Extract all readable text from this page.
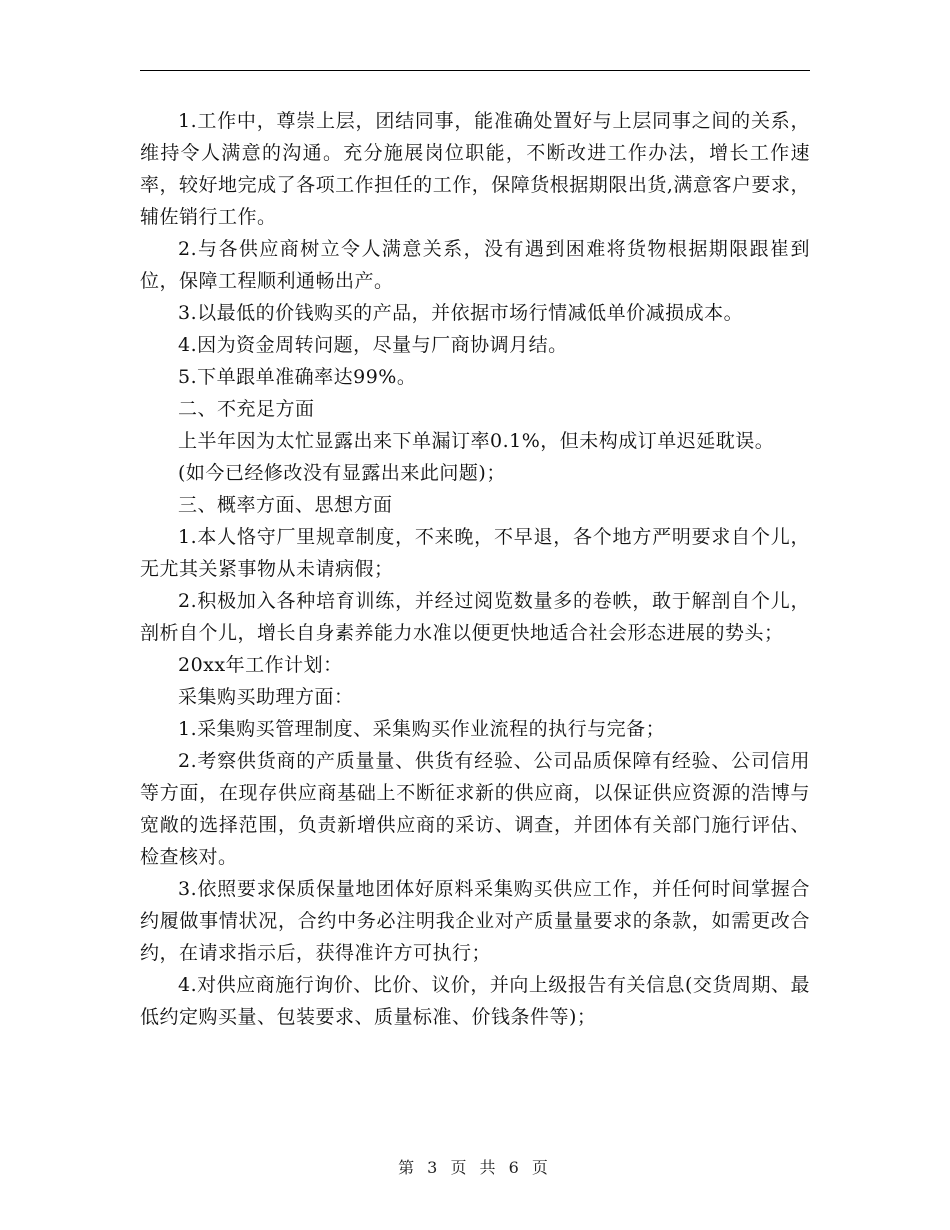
1.工作中，尊崇上层，团结同事，能准确处置好与上层同事之间的关系，维持令人满意的沟通。充分施展岗位职能，不断改进工作办法，增长工作速率，较好地完成了各项工作担任的工作，保障货根据期限出货,满意客户要求，辅佐销行工作。

2.与各供应商树立令人满意关系，没有遇到困难将货物根据期限跟崔到位，保障工程顺利通畅出产。

3.以最低的价钱购买的产品，并依据市场行情减低单价减损成本。

4.因为资金周转问题，尽量与厂商协调月结。

5.下单跟单准确率达99%。

二、不充足方面

上半年因为太忙显露出来下单漏订率0.1%，但未构成订单迟延耽误。

(如今已经修改没有显露出来此问题)；

三、概率方面、思想方面

1.本人恪守厂里规章制度，不来晚，不早退，各个地方严明要求自个儿，无尤其关紧事物从未请病假；

2.积极加入各种培育训练，并经过阅览数量多的卷帙，敢于解剖自个儿，剖析自个儿，增长自身素养能力水准以便更快地适合社会形态进展的势头；

20xx年工作计划：

采集购买助理方面：

1.采集购买管理制度、采集购买作业流程的执行与完备；

2.考察供货商的产质量量、供货有经验、公司品质保障有经验、公司信用等方面，在现存供应商基础上不断征求新的供应商，以保证供应资源的浩博与宽敞的选择范围，负责新增供应商的采访、调查，并团体有关部门施行评估、检查核对。

3.依照要求保质保量地团体好原料采集购买供应工作，并任何时间掌握合约履做事情状况，合约中务必注明我企业对产质量量要求的条款，如需更改合约，在请求指示后，获得准许方可执行；

4.对供应商施行询价、比价、议价，并向上级报告有关信息(交货周期、最低约定购买量、包装要求、质量标准、价钱条件等)；

第 3 页 共 6 页
